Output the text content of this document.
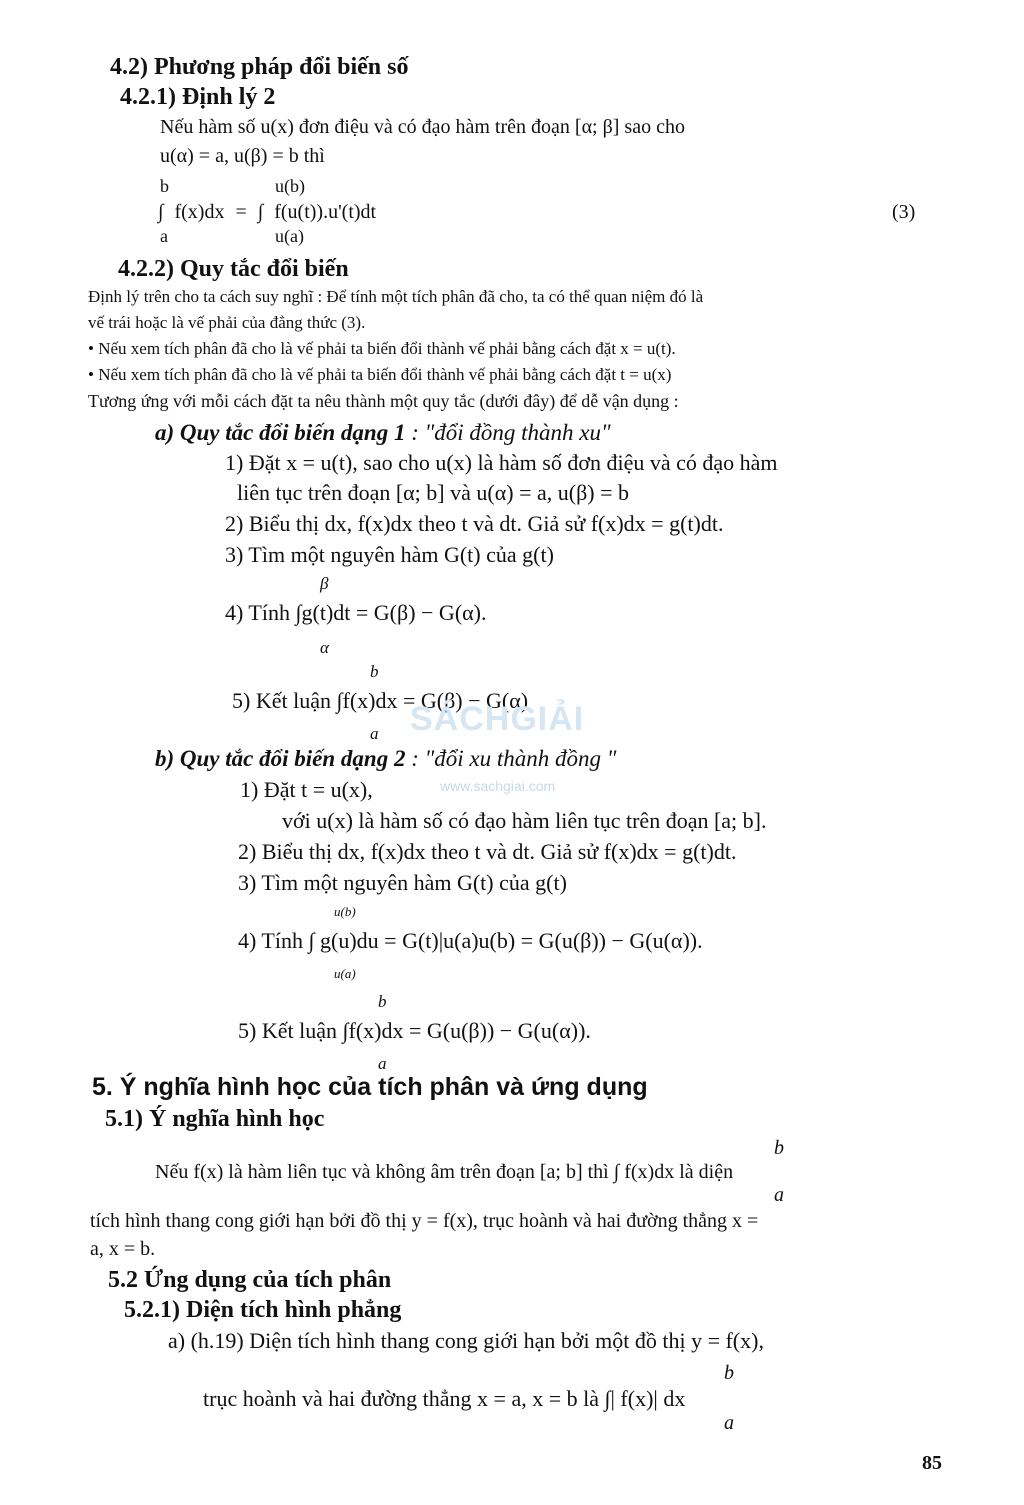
4.2) Phương pháp đổi biến số
4.2.1) Định lý 2
Nếu hàm số u(x) đơn điệu và có đạo hàm trên đoạn [α; β] sao cho
u(α) = a, u(β) = b thì
b	u(b)
∫ f(x)dx = ∫ f(u(t)).u'(t)dt	(3)
a	u(a)
4.2.2) Quy tắc đổi biến
Định lý trên cho ta cách suy nghĩ : Để tính một tích phân đã cho, ta có thể quan niệm đó là
vế trái hoặc là vế phải của đẳng thức (3).
• Nếu xem tích phân đã cho là vế phải ta biến đổi thành vế phải bằng cách đặt x = u(t).
• Nếu xem tích phân đã cho là vế phải ta biến đổi thành vế phải bằng cách đặt t = u(x)
Tương ứng với mỗi cách đặt ta nêu thành một quy tắc (dưới đây) để dễ vận dụng :
a) Quy tắc đổi biến dạng 1 : "đổi đồng thành xu"
1) Đặt x = u(t), sao cho u(x) là hàm số đơn điệu và có đạo hàm
liên tục trên đoạn [α; b] và u(α) = a, u(β) = b
2) Biểu thị dx, f(x)dx theo t và dt. Giả sử f(x)dx = g(t)dt.
3) Tìm một nguyên hàm G(t) của g(t)
β
4) Tính ∫g(t)dt = G(β) − G(α).
α
b
5) Kết luận ∫f(x)dx = G(β) − G(α)
a SÁCHGIẢI
www.sachgiai.com
b) Quy tắc đổi biến dạng 2 : "đổi xu thành đồng "
1) Đặt t = u(x),
với u(x) là hàm số có đạo hàm liên tục trên đoạn [a; b].
2) Biểu thị dx, f(x)dx theo t và dt. Giả sử f(x)dx = g(t)dt.
3) Tìm một nguyên hàm G(t) của g(t)
u(b)
4) Tính ∫ g(u)du = G(t)|u(a)u(b) = G(u(β)) − G(u(α)).
u(a)
b
5) Kết luận ∫f(x)dx = G(u(β)) − G(u(α)).
a
5. Ý nghĩa hình học của tích phân và ứng dụng
5.1) Ý nghĩa hình học
b
Nếu f(x) là hàm liên tục và không âm trên đoạn [a; b] thì ∫ f(x)dx là diện
a
tích hình thang cong giới hạn bởi đồ thị y = f(x), trục hoành và hai đường thẳng x =
a, x = b.
5.2 Ứng dụng của tích phân
5.2.1) Diện tích hình phẳng
a) (h.19) Diện tích hình thang cong giới hạn bởi một đồ thị y = f(x),
b
trục hoành và hai đường thẳng x = a, x = b là ∫| f(x)| dx
a
85
